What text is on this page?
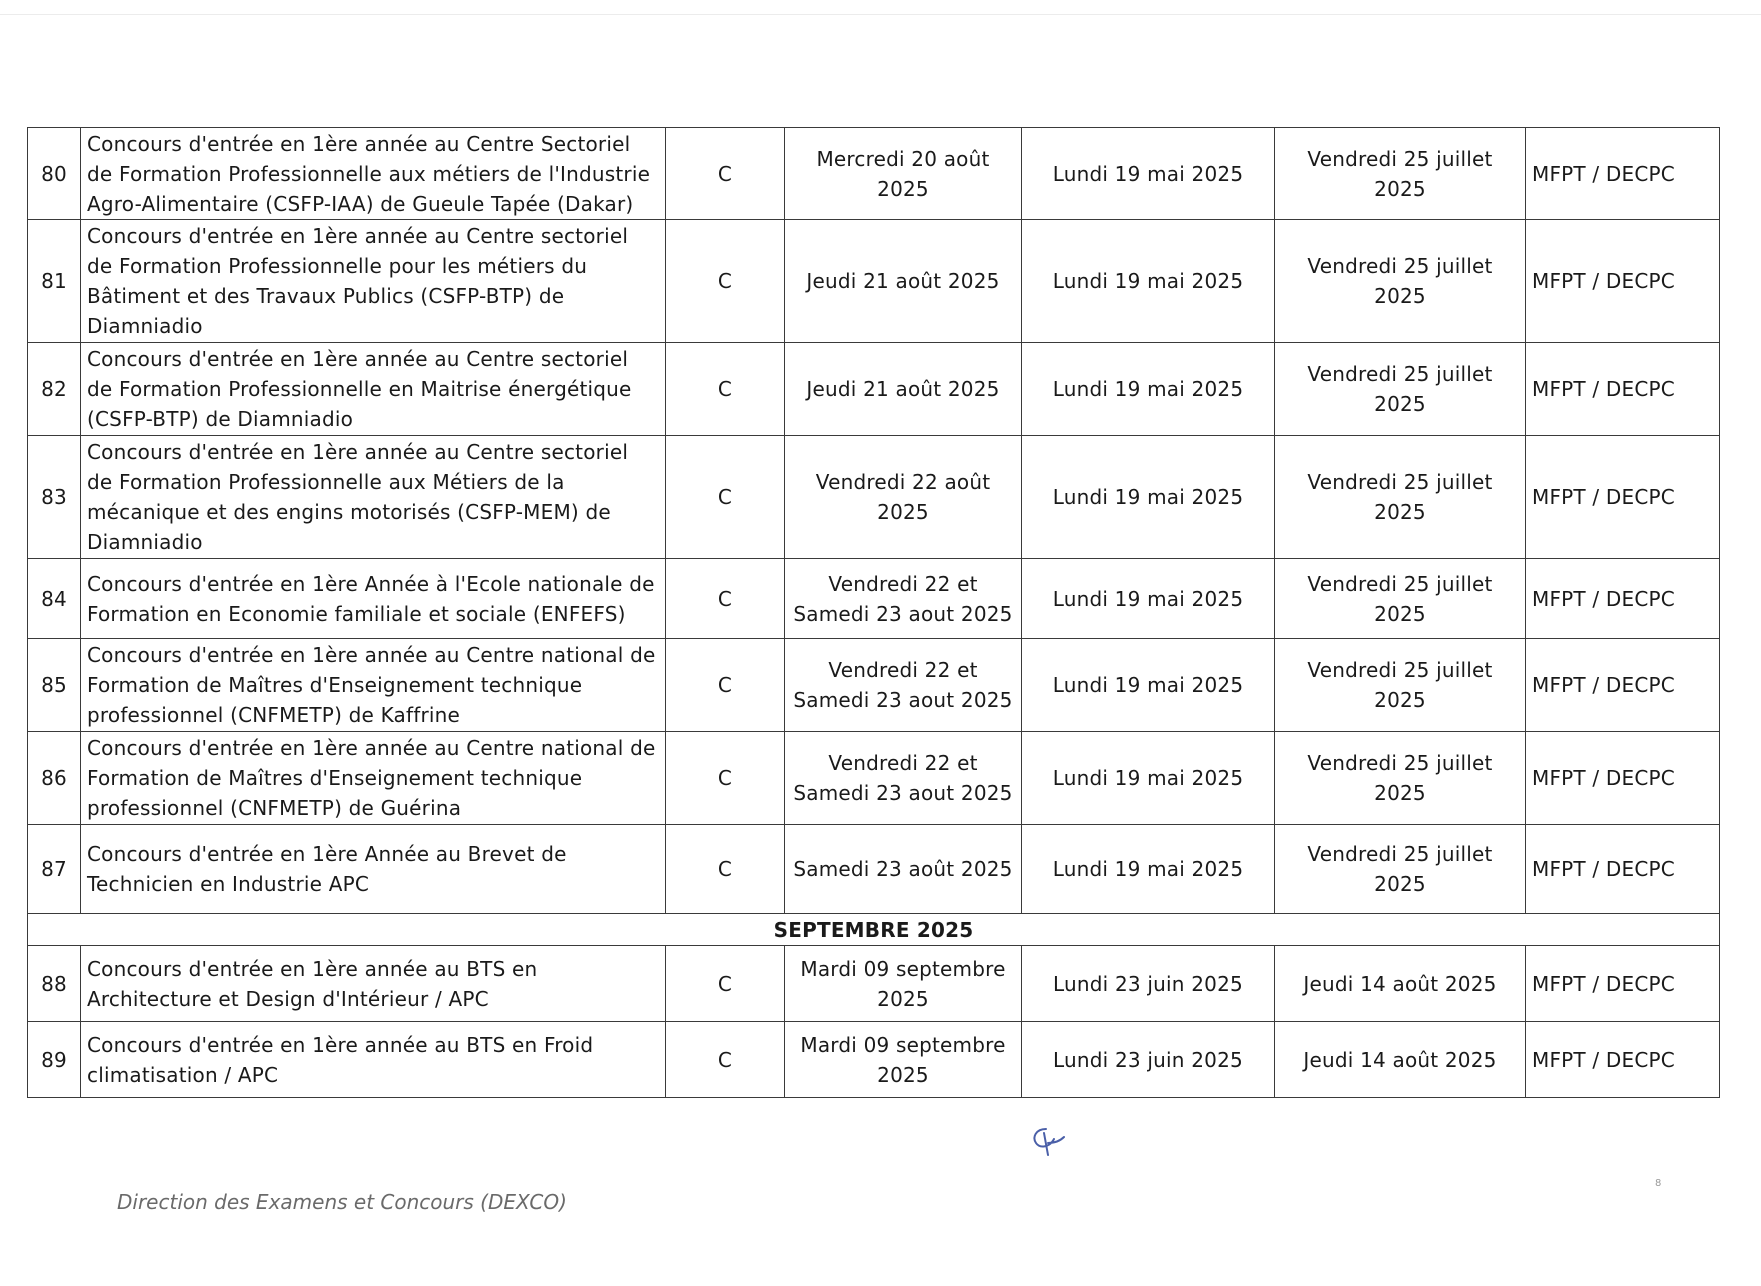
80	Concours d'entrée en 1ère année au Centre Sectoriel de Formation Professionnelle aux métiers de l'Industrie Agro-Alimentaire (CSFP-IAA) de Gueule Tapée (Dakar)	C	Mercredi 20 août 2025	Lundi 19 mai 2025	Vendredi 25 juillet 2025	MFPT / DECPC
81	Concours d'entrée en 1ère année au Centre sectoriel de Formation Professionnelle pour les métiers du Bâtiment et des Travaux Publics (CSFP-BTP) de Diamniadio	C	Jeudi 21 août 2025	Lundi 19 mai 2025	Vendredi 25 juillet 2025	MFPT / DECPC
82	Concours d'entrée en 1ère année au Centre sectoriel de Formation Professionnelle en Maitrise énergétique (CSFP-BTP) de Diamniadio	C	Jeudi 21 août 2025	Lundi 19 mai 2025	Vendredi 25 juillet 2025	MFPT / DECPC
83	Concours d'entrée en 1ère année au Centre sectoriel de Formation Professionnelle aux Métiers de la mécanique et des engins motorisés (CSFP-MEM) de Diamniadio	C	Vendredi 22 août 2025	Lundi 19 mai 2025	Vendredi 25 juillet 2025	MFPT / DECPC
84	Concours d'entrée en 1ère Année à l'Ecole nationale de Formation en Economie familiale et sociale (ENFEFS)	C	Vendredi 22 et Samedi 23 aout 2025	Lundi 19 mai 2025	Vendredi 25 juillet 2025	MFPT / DECPC
85	Concours d'entrée en 1ère année au Centre national de Formation de Maîtres d'Enseignement technique professionnel (CNFMETP) de Kaffrine	C	Vendredi 22 et Samedi 23 aout 2025	Lundi 19 mai 2025	Vendredi 25 juillet 2025	MFPT / DECPC
86	Concours d'entrée en 1ère année au Centre national de Formation de Maîtres d'Enseignement technique professionnel (CNFMETP) de Guérina	C	Vendredi 22 et Samedi 23 aout 2025	Lundi 19 mai 2025	Vendredi 25 juillet 2025	MFPT / DECPC
87	Concours d'entrée en 1ère Année au Brevet de Technicien en Industrie APC	C	Samedi 23 août 2025	Lundi 19 mai 2025	Vendredi 25 juillet 2025	MFPT / DECPC
SEPTEMBRE 2025						
88	Concours d'entrée en 1ère année au BTS en Architecture et Design d'Intérieur / APC	C	Mardi 09 septembre 2025	Lundi 23 juin 2025	Jeudi 14 août 2025	MFPT / DECPC
89	Concours d'entrée en 1ère année au BTS en Froid climatisation / APC	C	Mardi 09 septembre 2025	Lundi 23 juin 2025	Jeudi 14 août 2025	MFPT / DECPC
Direction des Examens et Concours (DEXCO)
8
